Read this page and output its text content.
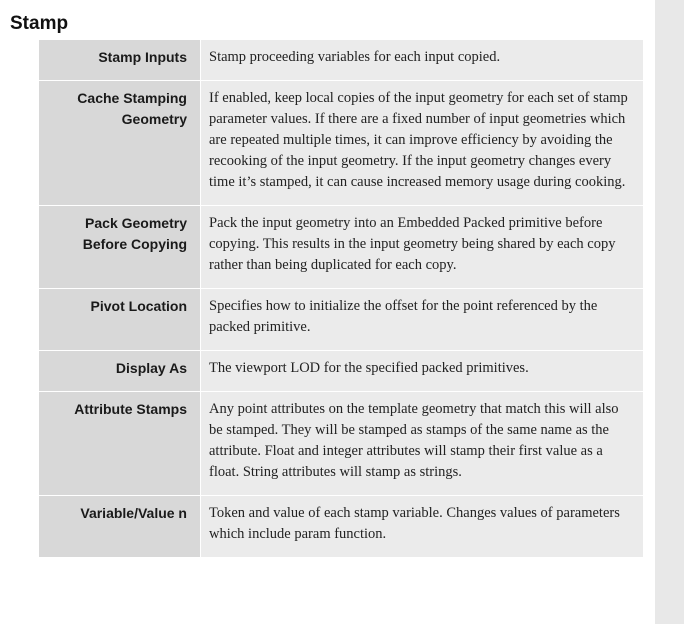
Stamp
Stamp Inputs	Stamp proceeding variables for each input copied.
Cache Stamping Geometry	If enabled, keep local copies of the input geometry for each set of stamp parameter values. If there are a fixed number of input geometries which are repeated multiple times, it can improve efficiency by avoiding the recooking of the input geometry. If the input geometry changes every time it’s stamped, it can cause increased memory usage during cooking.
Pack Geometry Before Copying	Pack the input geometry into an Embedded Packed primitive before copying. This results in the input geometry being shared by each copy rather than being duplicated for each copy.
Pivot Location	Specifies how to initialize the offset for the point referenced by the packed primitive.
Display As	The viewport LOD for the specified packed primitives.
Attribute Stamps	Any point attributes on the template geometry that match this will also be stamped. They will be stamped as stamps of the same name as the attribute. Float and integer attributes will stamp their first value as a float. String attributes will stamp as strings.
Variable/Value n	Token and value of each stamp variable. Changes values of parameters which include param function.
